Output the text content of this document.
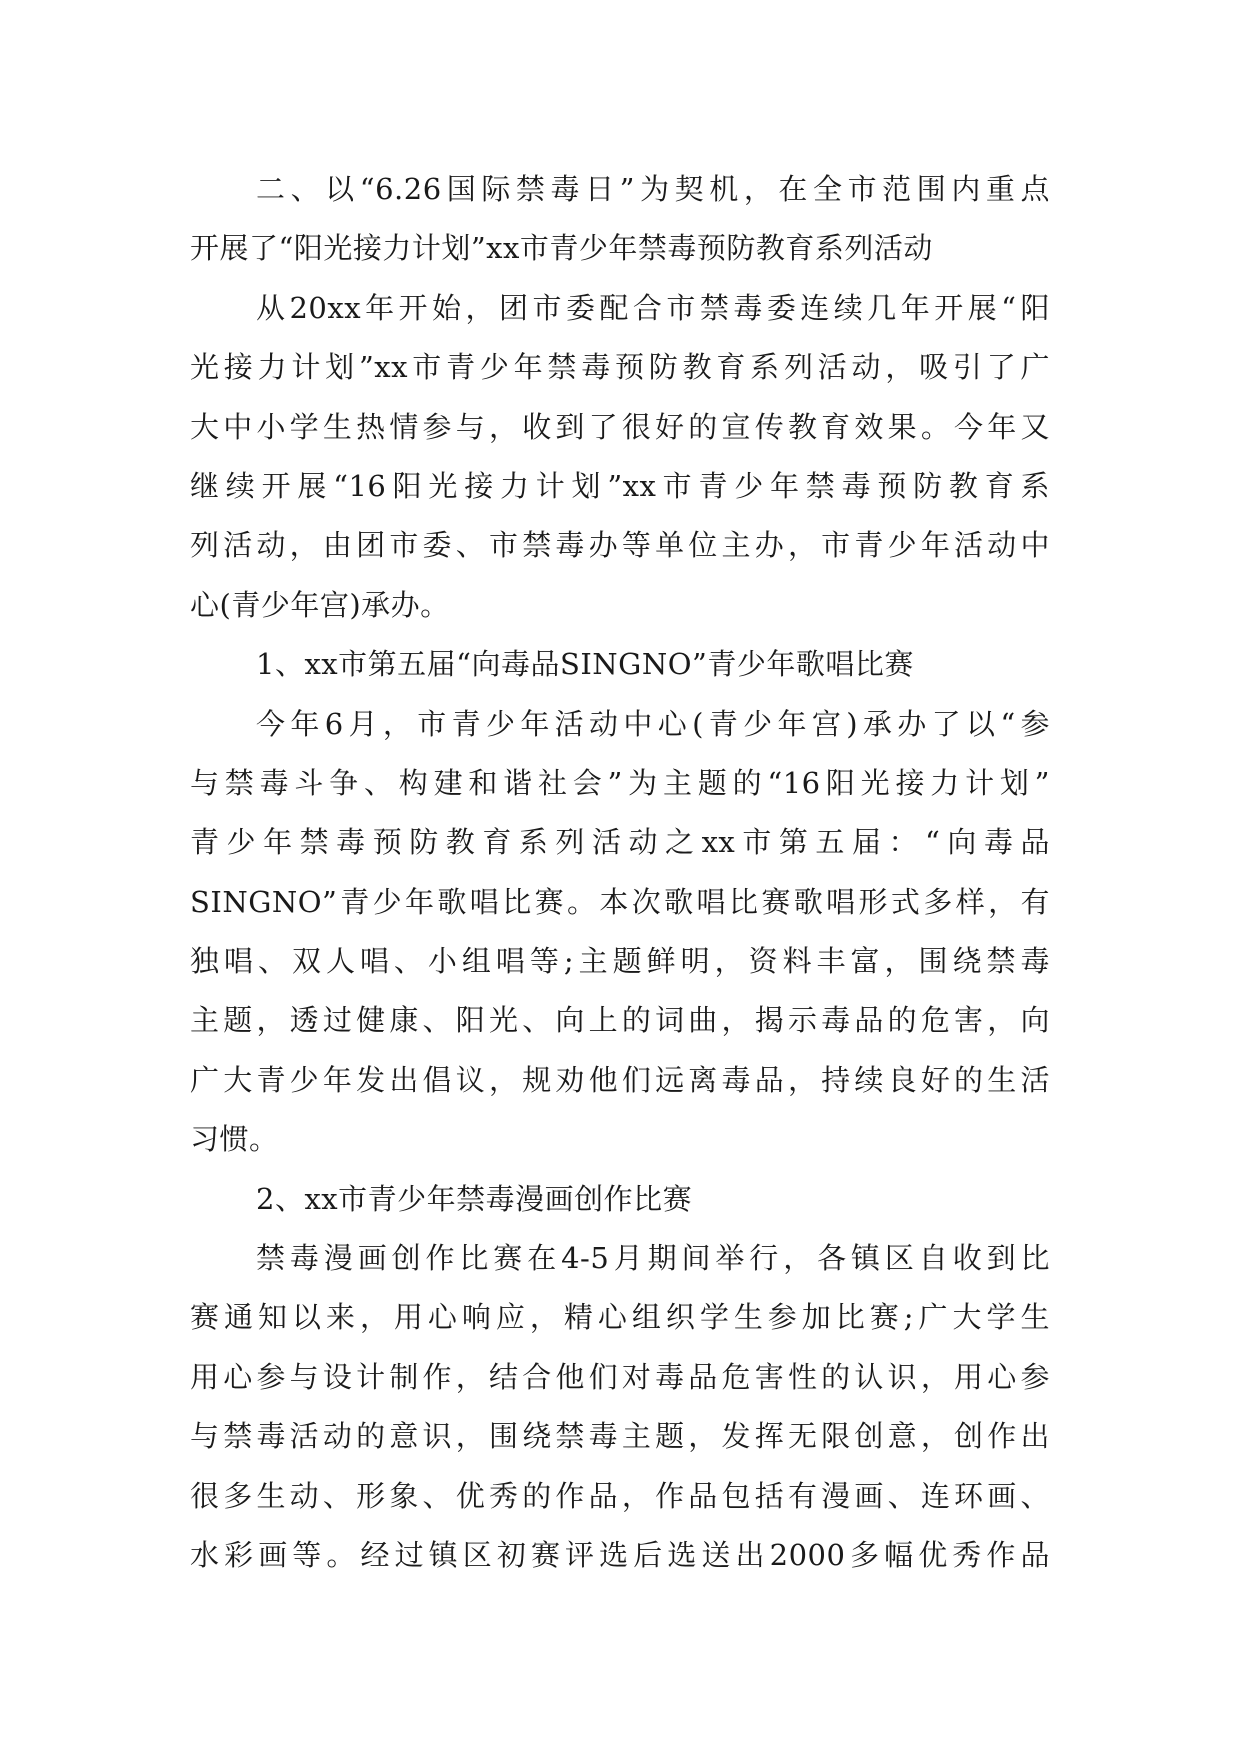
二、以“6.26国际禁毒日”为契机，在全市范围内重点
开展了“阳光接力计划”xx市青少年禁毒预防教育系列活动
从20xx年开始，团市委配合市禁毒委连续几年开展“阳
光接力计划”xx市青少年禁毒预防教育系列活动，吸引了广
大中小学生热情参与，收到了很好的宣传教育效果。今年又
继续开展“16阳光接力计划”xx市青少年禁毒预防教育系
列活动，由团市委、市禁毒办等单位主办，市青少年活动中
心(青少年宫)承办。
1、xx市第五届“向毒品SINGNO”青少年歌唱比赛
今年6月，市青少年活动中心(青少年宫)承办了以“参
与禁毒斗争、构建和谐社会”为主题的“16阳光接力计划”
青少年禁毒预防教育系列活动之xx市第五届：“向毒品
SINGNO”青少年歌唱比赛。本次歌唱比赛歌唱形式多样，有
独唱、双人唱、小组唱等;主题鲜明，资料丰富，围绕禁毒
主题，透过健康、阳光、向上的词曲，揭示毒品的危害，向
广大青少年发出倡议，规劝他们远离毒品，持续良好的生活
习惯。
2、xx市青少年禁毒漫画创作比赛
禁毒漫画创作比赛在4-5月期间举行，各镇区自收到比
赛通知以来，用心响应，精心组织学生参加比赛;广大学生
用心参与设计制作，结合他们对毒品危害性的认识，用心参
与禁毒活动的意识，围绕禁毒主题，发挥无限创意，创作出
很多生动、形象、优秀的作品，作品包括有漫画、连环画、
水彩画等。经过镇区初赛评选后选送出2000多幅优秀作品
